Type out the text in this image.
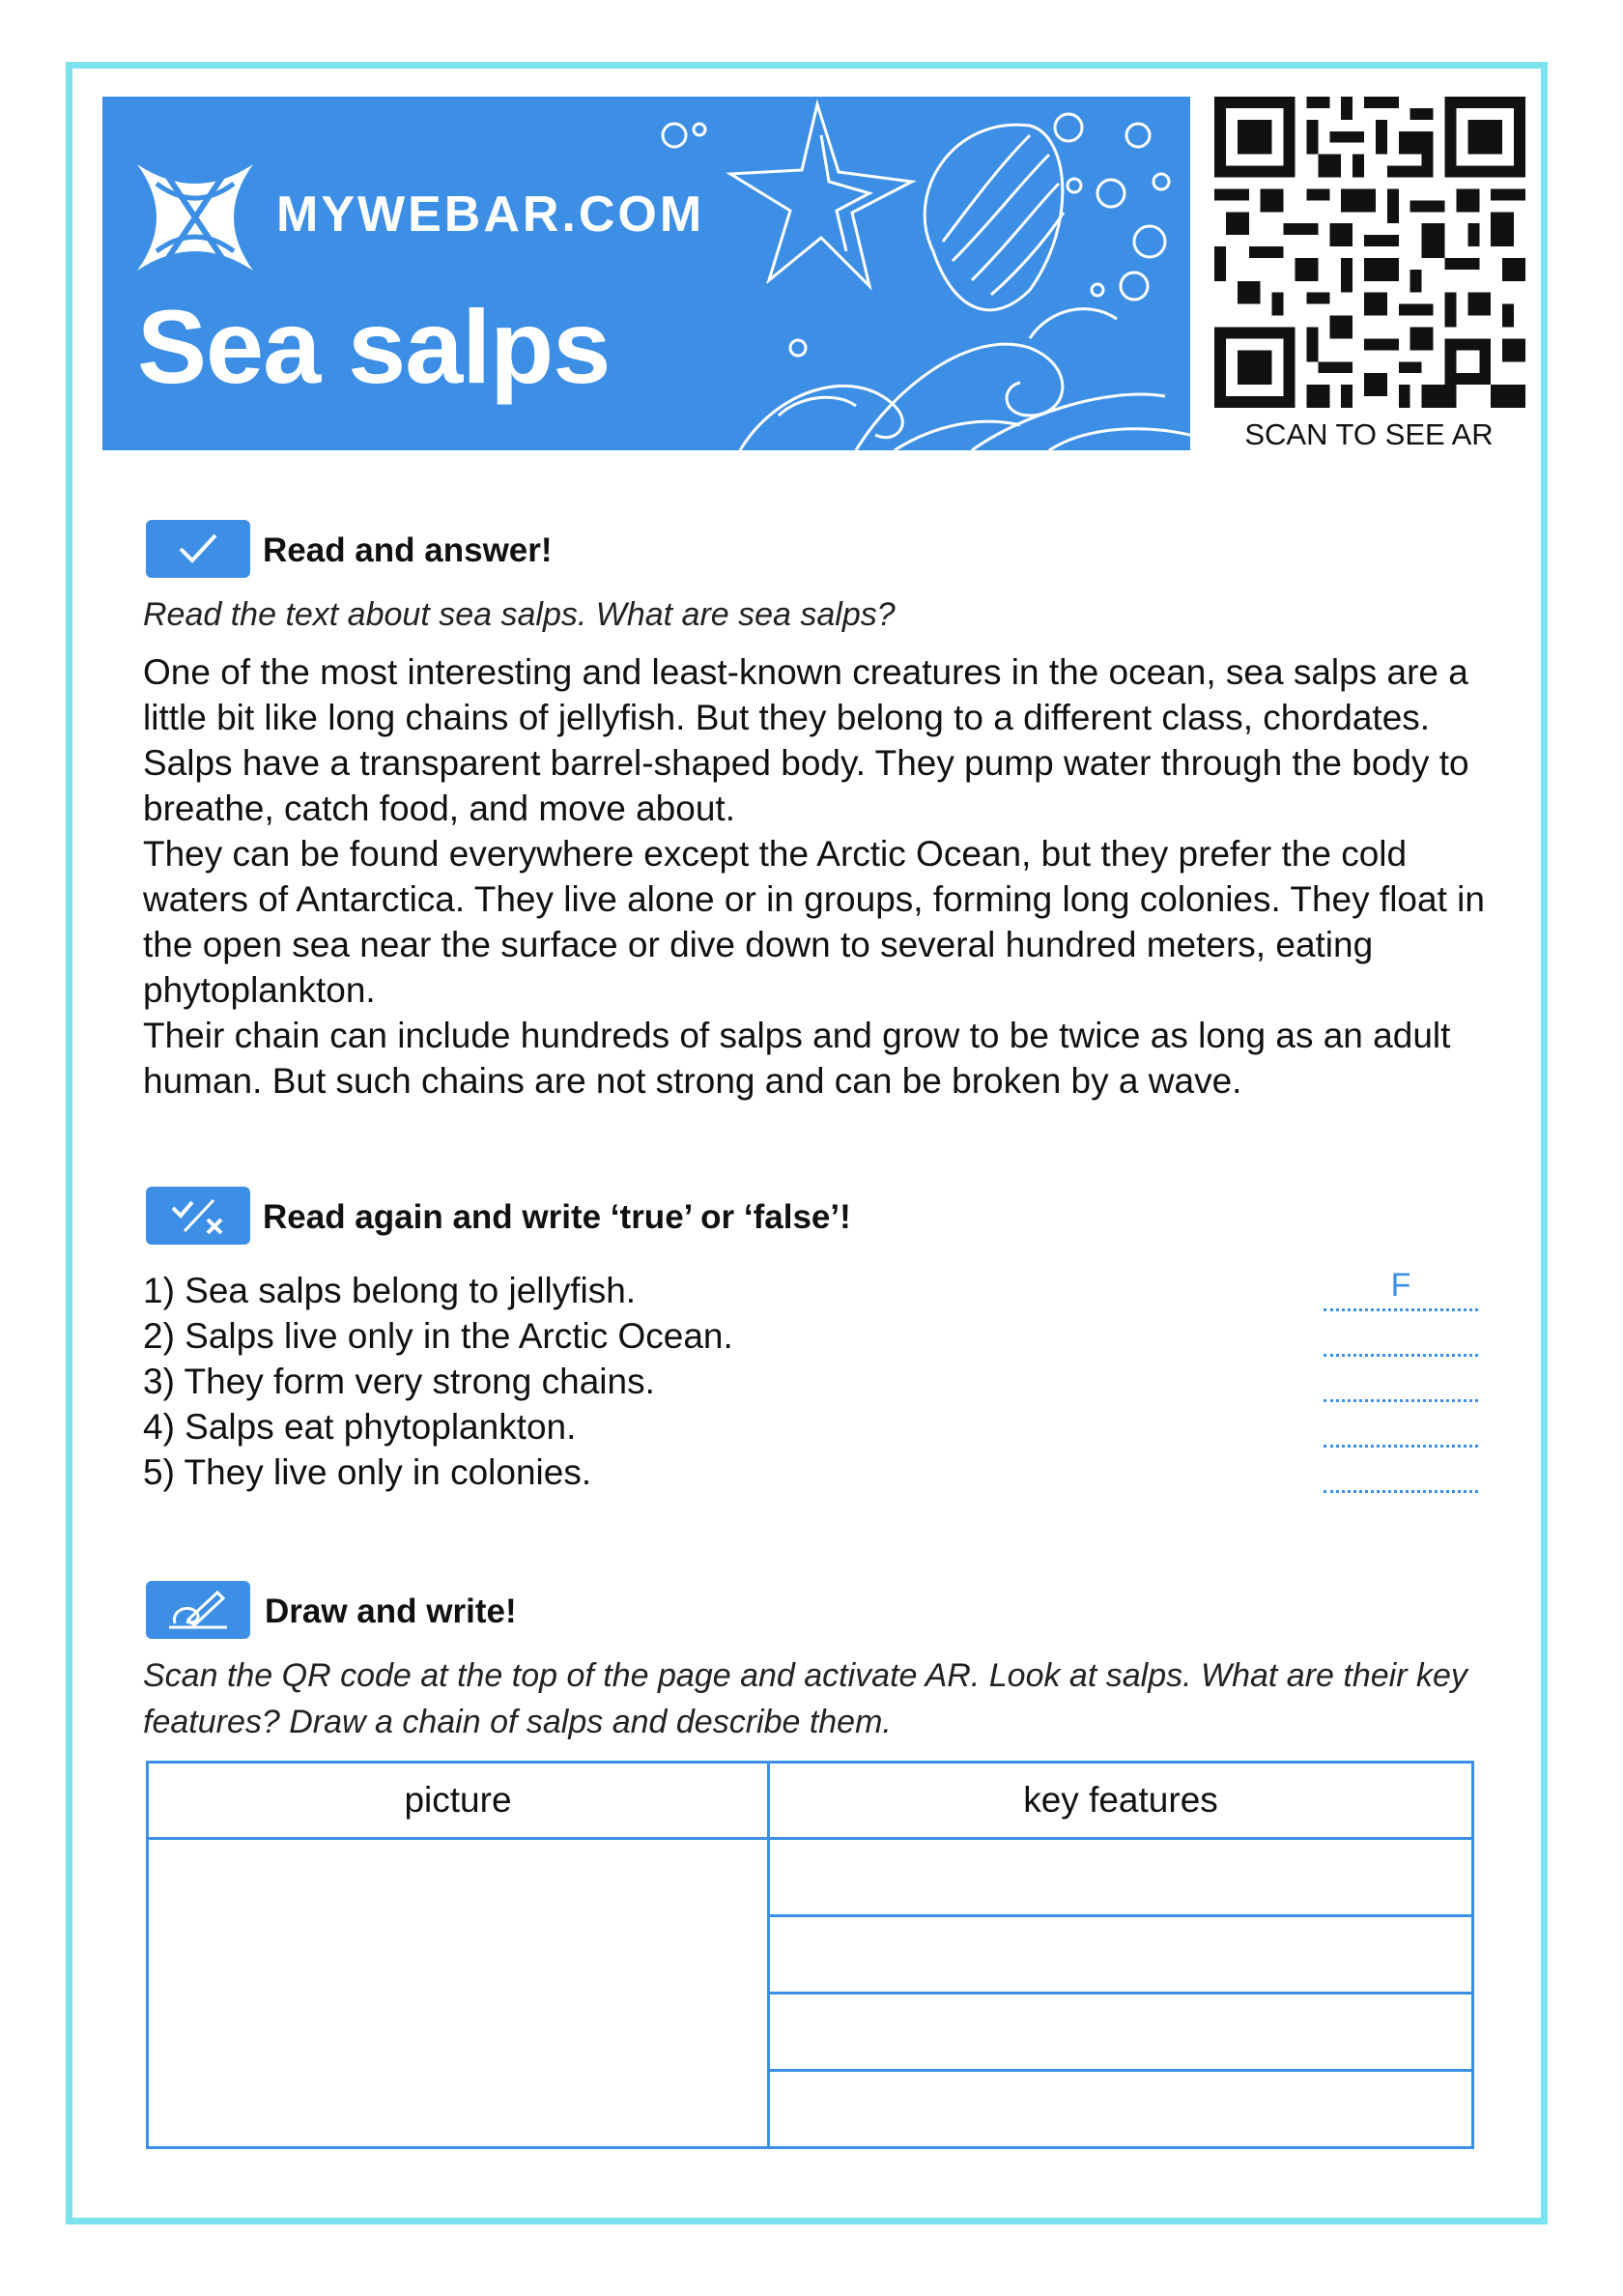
MYWEBAR.COM
Sea salps
SCAN TO SEE AR
Read and answer!
Read the text about sea salps. What are sea salps?

One of the most interesting and least-known creatures in the ocean, sea salps are a little bit like long chains of jellyfish. But they belong to a different class, chordates. Salps have a transparent barrel-shaped body. They pump water through the body to breathe, catch food, and move about.

They can be found everywhere except the Arctic Ocean, but they prefer the cold waters of Antarctica. They live alone or in groups, forming long colonies. They float in the open sea near the surface or dive down to several hundred meters, eating phytoplankton.

Their chain can include hundreds of salps and grow to be twice as long as an adult human. But such chains are not strong and can be broken by a wave.

Read again and write ‘true’ or ‘false’!
1) Sea salps belong to jellyfish.	F
2) Salps live only in the Arctic Ocean.
3) They form very strong chains.
4) Salps eat phytoplankton.
5) They live only in colonies.
Draw and write!
Scan the QR code at the top of the page and activate AR. Look at salps. What are their key features? Draw a chain of salps and describe them.
picture	key features
